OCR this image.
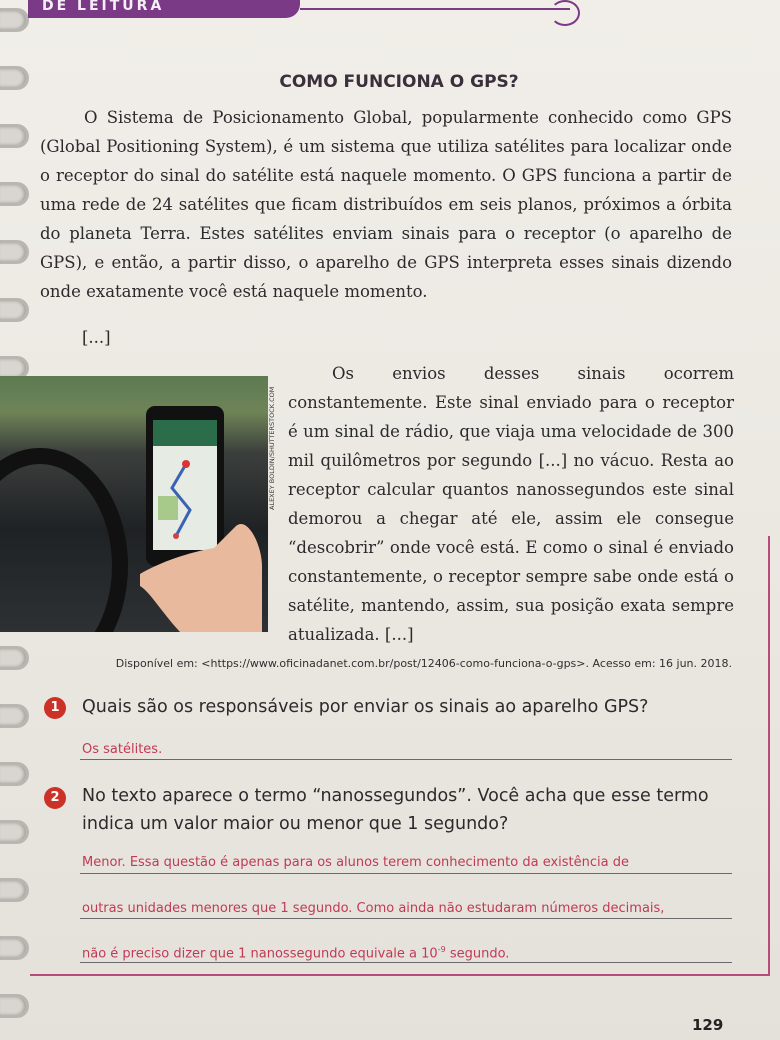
DE LEITURA
COMO FUNCIONA O GPS?

O Sistema de Posicionamento Global, popularmente conhecido como GPS (Global Positioning System), é um sistema que utiliza satélites para localizar onde o receptor do sinal do satélite está naquele momento. O GPS funciona a partir de uma rede de 24 satélites que ficam distribuídos em seis planos, próximos a órbita do planeta Terra. Estes satélites enviam sinais para o receptor (o aparelho de GPS), e então, a partir disso, o aparelho de GPS interpreta esses sinais dizendo onde exatamente você está naquele momento.

[...]

Os envios desses sinais ocorrem constantemente. Este sinal enviado para o receptor é um sinal de rádio, que viaja uma velocidade de 300 mil quilômetros por segundo [...] no vácuo. Resta ao receptor calcular quantos nanossegundos este sinal demorou a chegar até ele, assim ele consegue “descobrir” onde você está. E como o sinal é enviado constantemente, o receptor sempre sabe onde está o satélite, mantendo, assim, sua posição exata sempre atualizada. [...]

ALEXEY BOLDIN/SHUTTERSTOCK.COM
Disponível em: <https://www.oficinadanet.com.br/post/12406-como-funciona-o-gps>. Acesso em: 16 jun. 2018.
1	Quais são os responsáveis por enviar os sinais ao aparelho GPS?
Os satélites.
2	No texto aparece o termo “nanossegundos”. Você acha que esse termo
indica um valor maior ou menor que 1 segundo?
Menor. Essa questão é apenas para os alunos terem conhecimento da existência de
outras unidades menores que 1 segundo. Como ainda não estudaram números decimais,
não é preciso dizer que 1 nanossegundo equivale a $10^{-9}$ segundo.
129
